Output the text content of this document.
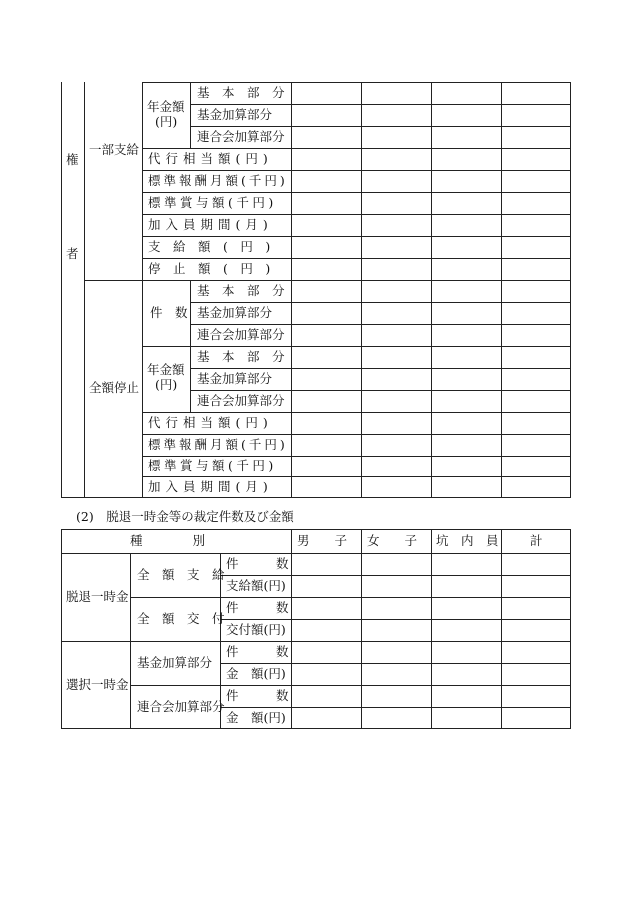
権
者
一部支給
年金額
(円)
基　本　部　分
基金加算部分
連合会加算部分
代行相当額(円)
標準報酬月額(千円)
標準賞与額(千円)
加入員期間(月)
支　給　額　(　円　)
停　止　額　(　円　)
全額停止
件　数
基　本　部　分
基金加算部分
連合会加算部分
年金額
(円)
基　本　部　分
基金加算部分
連合会加算部分
代行相当額(円)
標準報酬月額(千円)
標準賞与額(千円)
加入員期間(月)
(2)　脱退一時金等の裁定件数及び金額
種　　　　別	男　　子 女　　子 坑　内　員	計
脱退一時金
全　額　支　給
件　　　数
支給額(円)
全　額　交　付
件　　　数
交付額(円)
選択一時金
基金加算部分
件　　　数
金　額(円)
連合会加算部分
件　　　数
金　額(円)
